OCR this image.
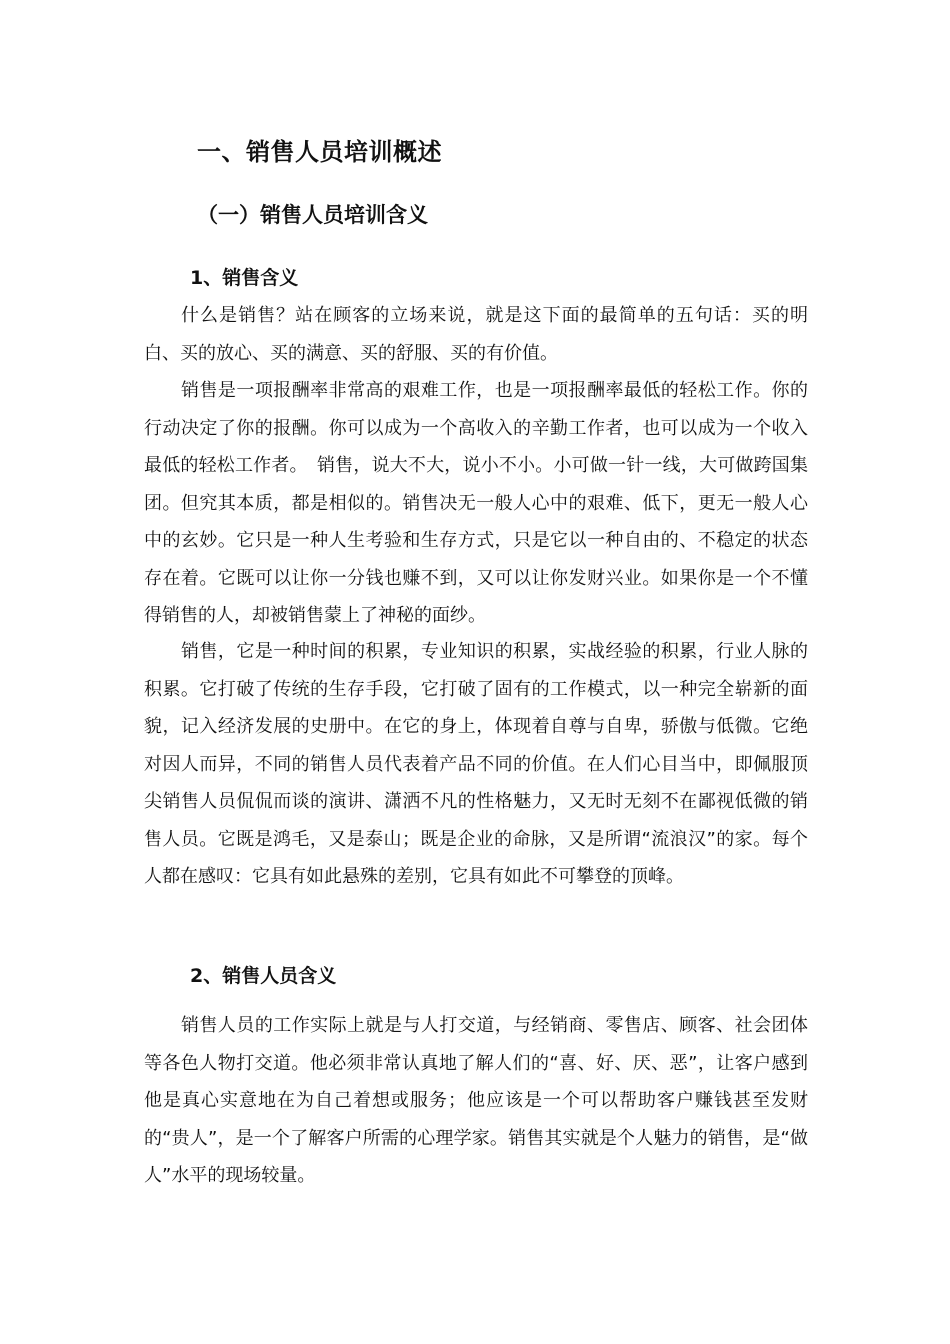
一、销售人员培训概述
（一）销售人员培训含义
1、销售含义

什么是销售？站在顾客的立场来说，就是这下面的最简单的五句话：买的明白、买的放心、买的满意、买的舒服、买的有价值。

销售是一项报酬率非常高的艰难工作，也是一项报酬率最低的轻松工作。你的行动决定了你的报酬。你可以成为一个高收入的辛勤工作者，也可以成为一个收入最低的轻松工作者。　销售，说大不大，说小不小。小可做一针一线，大可做跨国集团。但究其本质，都是相似的。销售决无一般人心中的艰难、低下，更无一般人心中的玄妙。它只是一种人生考验和生存方式，只是它以一种自由的、不稳定的状态存在着。它既可以让你一分钱也赚不到，又可以让你发财兴业。如果你是一个不懂得销售的人，却被销售蒙上了神秘的面纱。

销售，它是一种时间的积累，专业知识的积累，实战经验的积累，行业人脉的积累。它打破了传统的生存手段，它打破了固有的工作模式，以一种完全崭新的面貌，记入经济发展的史册中。在它的身上，体现着自尊与自卑，骄傲与低微。它绝对因人而异，不同的销售人员代表着产品不同的价值。在人们心目当中，即佩服顶尖销售人员侃侃而谈的演讲、潇洒不凡的性格魅力，又无时无刻不在鄙视低微的销售人员。它既是鸿毛，又是泰山；既是企业的命脉，又是所谓“流浪汉”的家。每个人都在感叹：它具有如此悬殊的差别，它具有如此不可攀登的顶峰。

2、销售人员含义

销售人员的工作实际上就是与人打交道，与经销商、零售店、顾客、社会团体等各色人物打交道。他必须非常认真地了解人们的“喜、好、厌、恶”，让客户感到他是真心实意地在为自己着想或服务；他应该是一个可以帮助客户赚钱甚至发财的“贵人”，是一个了解客户所需的心理学家。销售其实就是个人魅力的销售，是“做人”水平的现场较量。
